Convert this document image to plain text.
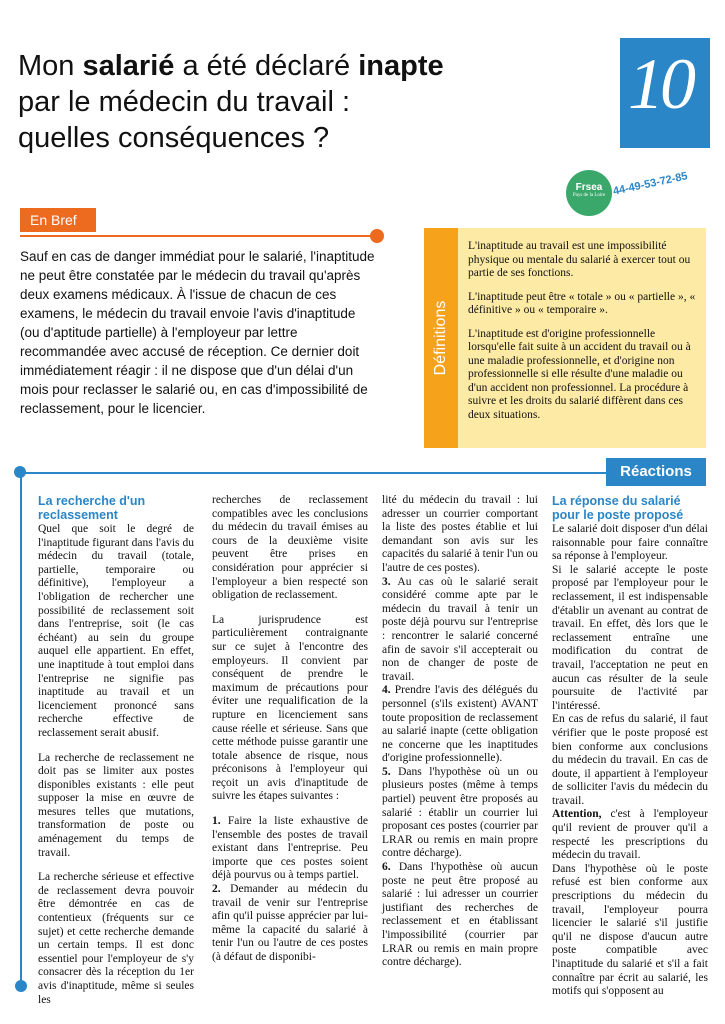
Mon salarié a été déclaré inapte
par le médecin du travail :
quelles conséquences ?
10
Frsea
Pays de la Loire 44-49-53-72-85
En Bref

Sauf en cas de danger immédiat pour le salarié, l'inaptitude ne peut être constatée par le médecin du travail qu'après deux examens médicaux. À l'issue de chacun de ces examens, le médecin du travail envoie l'avis d'inaptitude (ou d'aptitude partielle) à l'employeur par lettre recommandée avec accusé de réception. Ce dernier doit immédiatement réagir : il ne dispose que d'un délai d'un mois pour reclasser le salarié ou, en cas d'impossibilité de reclassement, pour le licencier.

Définitions

L'inaptitude au travail est une impossibilité physique ou mentale du salarié à exercer tout ou partie de ses fonctions.

L'inaptitude peut être « totale » ou « partielle », « définitive » ou « temporaire ».

L'inaptitude est d'origine professionnelle lorsqu'elle fait suite à un accident du travail ou à une maladie professionnelle, et d'origine non professionnelle si elle résulte d'une maladie ou d'un accident non professionnel. La procédure à suivre et les droits du salarié diffèrent dans ces deux situations.

Réactions
La recherche d'un reclassement

Quel que soit le degré de l'inaptitude figurant dans l'avis du médecin du travail (totale, partielle, temporaire ou définitive), l'employeur a l'obligation de rechercher une possibilité de reclassement soit dans l'entreprise, soit (le cas échéant) au sein du groupe auquel elle appartient. En effet, une inaptitude à tout emploi dans l'entreprise ne signifie pas inaptitude au travail et un licenciement prononcé sans recherche effective de reclassement serait abusif.

La recherche de reclassement ne doit pas se limiter aux postes disponibles existants : elle peut supposer la mise en œuvre de mesures telles que mutations, transformation de poste ou aménagement du temps de travail.

La recherche sérieuse et effective de reclassement devra pouvoir être démontrée en cas de contentieux (fréquents sur ce sujet) et cette recherche demande un certain temps. Il est donc essentiel pour l'employeur de s'y consacrer dès la réception du 1er avis d'inaptitude, même si seules les

recherches de reclassement compatibles avec les conclusions du médecin du travail émises au cours de la deuxième visite peuvent être prises en considération pour apprécier si l'employeur a bien respecté son obligation de reclassement.

La jurisprudence est particulièrement contraignante sur ce sujet à l'encontre des employeurs. Il convient par conséquent de prendre le maximum de précautions pour éviter une requalification de la rupture en licenciement sans cause réelle et sérieuse. Sans que cette méthode puisse garantir une totale absence de risque, nous préconisons à l'employeur qui reçoit un avis d'inaptitude de suivre les étapes suivantes :

1. Faire la liste exhaustive de l'ensemble des postes de travail existant dans l'entreprise. Peu importe que ces postes soient déjà pourvus ou à temps partiel.

2. Demander au médecin du travail de venir sur l'entreprise afin qu'il puisse apprécier par lui-même la capacité du salarié à tenir l'un ou l'autre de ces postes (à défaut de disponibi-

lité du médecin du travail : lui adresser un courrier comportant la liste des postes établie et lui demandant son avis sur les capacités du salarié à tenir l'un ou l'autre de ces postes).

3. Au cas où le salarié serait considéré comme apte par le médecin du travail à tenir un poste déjà pourvu sur l'entreprise : rencontrer le salarié concerné afin de savoir s'il accepterait ou non de changer de poste de travail.

4. Prendre l'avis des délégués du personnel (s'ils existent) AVANT toute proposition de reclassement au salarié inapte (cette obligation ne concerne que les inaptitudes d'origine professionnelle).

5. Dans l'hypothèse où un ou plusieurs postes (même à temps partiel) peuvent être proposés au salarié : établir un courrier lui proposant ces postes (courrier par LRAR ou remis en main propre contre décharge).

6. Dans l'hypothèse où aucun poste ne peut être proposé au salarié : lui adresser un courrier justifiant des recherches de reclassement et en établissant l'impossibilité (courrier par LRAR ou remis en main propre contre décharge).

La réponse du salarié pour le poste proposé

Le salarié doit disposer d'un délai raisonnable pour faire connaître sa réponse à l'employeur.

Si le salarié accepte le poste proposé par l'employeur pour le reclassement, il est indispensable d'établir un avenant au contrat de travail. En effet, dès lors que le reclassement entraîne une modification du contrat de travail, l'acceptation ne peut en aucun cas résulter de la seule poursuite de l'activité par l'intéressé.

En cas de refus du salarié, il faut vérifier que le poste proposé est bien conforme aux conclusions du médecin du travail. En cas de doute, il appartient à l'employeur de solliciter l'avis du médecin du travail.

Attention, c'est à l'employeur qu'il revient de prouver qu'il a respecté les prescriptions du médecin du travail.

Dans l'hypothèse où le poste refusé est bien conforme aux prescriptions du médecin du travail, l'employeur pourra licencier le salarié s'il justifie qu'il ne dispose d'aucun autre poste compatible avec l'inaptitude du salarié et s'il a fait connaître par écrit au salarié, les motifs qui s'opposent au
